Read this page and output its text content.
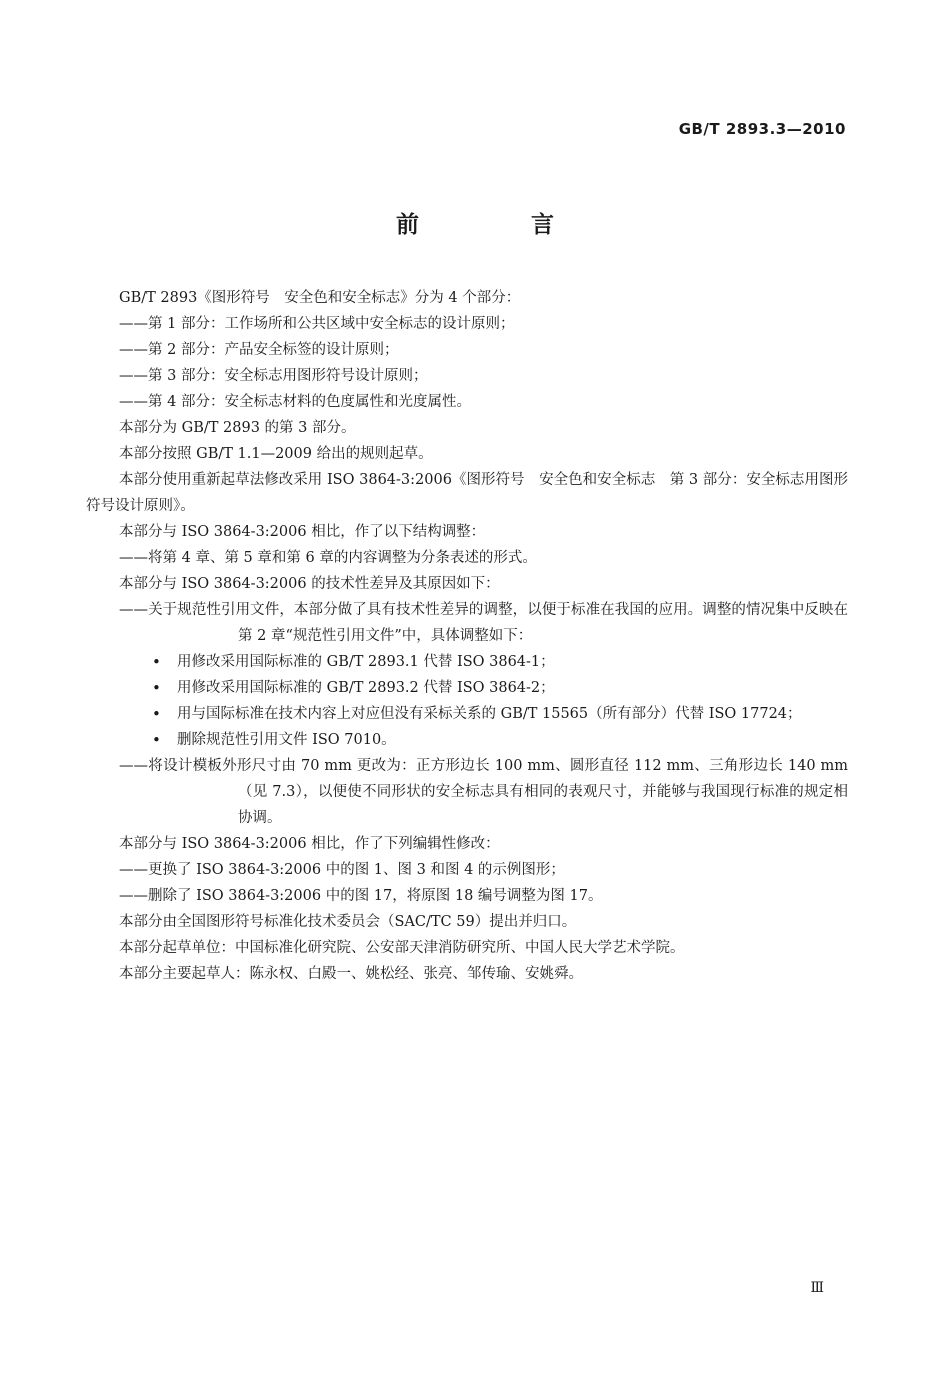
GB/T 2893.3—2010
前 言

GB/T 2893《图形符号　安全色和安全标志》分为 4 个部分：

——第 1 部分：工作场所和公共区域中安全标志的设计原则；

——第 2 部分：产品安全标签的设计原则；

——第 3 部分：安全标志用图形符号设计原则；

——第 4 部分：安全标志材料的色度属性和光度属性。

本部分为 GB/T 2893 的第 3 部分。

本部分按照 GB/T 1.1—2009 给出的规则起草。

本部分使用重新起草法修改采用 ISO 3864-3:2006《图形符号　安全色和安全标志　第 3 部分：安全标志用图形符号设计原则》。

本部分与 ISO 3864-3:2006 相比，作了以下结构调整：

——将第 4 章、第 5 章和第 6 章的内容调整为分条表述的形式。

本部分与 ISO 3864-3:2006 的技术性差异及其原因如下：

——关于规范性引用文件，本部分做了具有技术性差异的调整，以便于标准在我国的应用。调整的情况集中反映在第 2 章“规范性引用文件”中，具体调整如下：

• 用修改采用国际标准的 GB/T 2893.1 代替 ISO 3864-1；
• 用修改采用国际标准的 GB/T 2893.2 代替 ISO 3864-2；
• 用与国际标准在技术内容上对应但没有采标关系的 GB/T 15565（所有部分）代替 ISO 17724；
• 删除规范性引用文件 ISO 7010。

——将设计模板外形尺寸由 70 mm 更改为：正方形边长 100 mm、圆形直径 112 mm、三角形边长 140 mm（见 7.3），以便使不同形状的安全标志具有相同的表观尺寸，并能够与我国现行标准的规定相协调。

本部分与 ISO 3864-3:2006 相比，作了下列编辑性修改：

——更换了 ISO 3864-3:2006 中的图 1、图 3 和图 4 的示例图形；

——删除了 ISO 3864-3:2006 中的图 17，将原图 18 编号调整为图 17。

本部分由全国图形符号标准化技术委员会（SAC/TC 59）提出并归口。

本部分起草单位：中国标准化研究院、公安部天津消防研究所、中国人民大学艺术学院。

本部分主要起草人：陈永权、白殿一、姚松经、张亮、邹传瑜、安姚舜。

Ⅲ
